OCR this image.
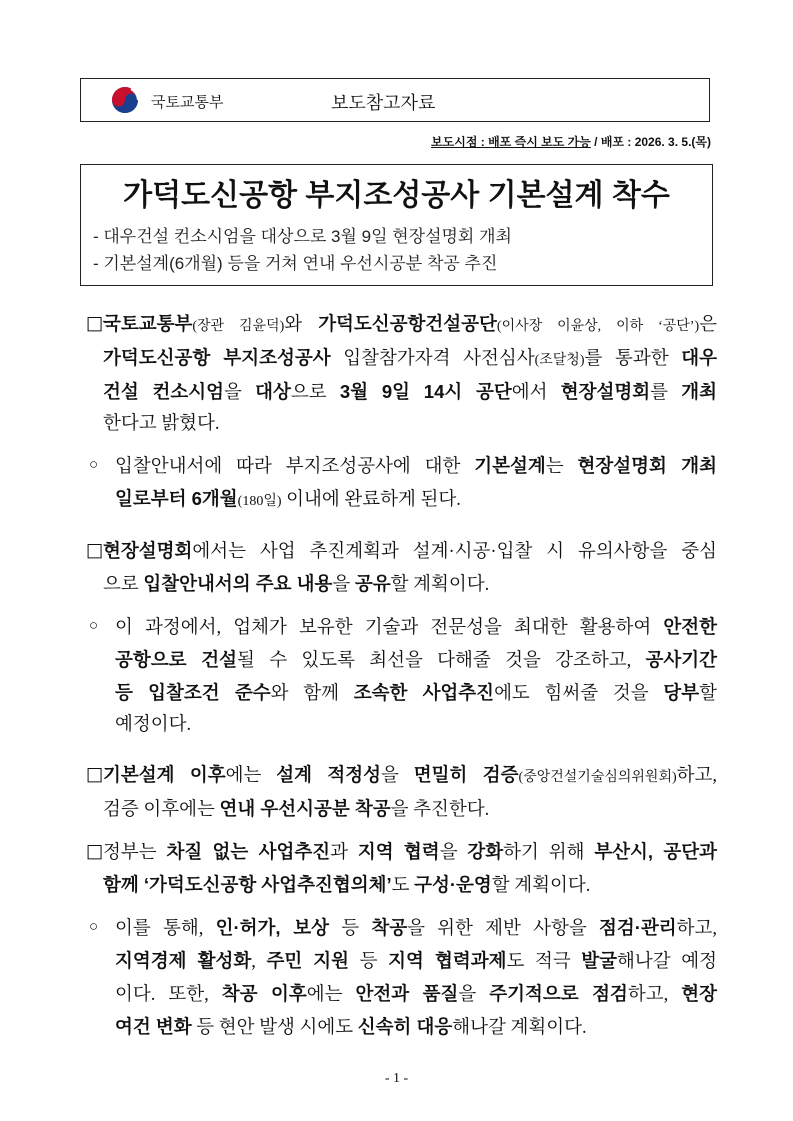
국토교통부	보도참고자료
보도시점 : 배포 즉시 보도 가능 / 배포 : 2026. 3. 5.(목)
가덕도신공항 부지조성공사 기본설계 착수
- 대우건설 컨소시엄을 대상으로 3월 9일 현장설명회 개최
- 기본설계(6개월) 등을 거쳐 연내 우선시공분 착공 추진
□ 국토교통부(장관 김윤덕)와 가덕도신공항건설공단(이사장 이윤상, 이하 ‘공단’)은
가덕도신공항 부지조성공사 입찰참가자격 사전심사(조달청)를 통과한 대우
건설 컨소시엄을 대상으로 3월 9일 14시 공단에서 현장설명회를 개최
한다고 밝혔다.
○ 입찰안내서에 따라 부지조성공사에 대한 기본설계는 현장설명회 개최
일로부터 6개월(180일) 이내에 완료하게 된다.
□ 현장설명회에서는 사업 추진계획과 설계·시공·입찰 시 유의사항을 중심
으로 입찰안내서의 주요 내용을 공유할 계획이다.
○ 이 과정에서, 업체가 보유한 기술과 전문성을 최대한 활용하여 안전한
공항으로 건설될 수 있도록 최선을 다해줄 것을 강조하고, 공사기간
등 입찰조건 준수와 함께 조속한 사업추진에도 힘써줄 것을 당부할
예정이다.
□ 기본설계 이후에는 설계 적정성을 면밀히 검증(중앙건설기술심의위원회)하고,
검증 이후에는 연내 우선시공분 착공을 추진한다.
□ 정부는 차질 없는 사업추진과 지역 협력을 강화하기 위해 부산시, 공단과
함께 ‘가덕도신공항 사업추진협의체’도 구성·운영할 계획이다.
○ 이를 통해, 인·허가, 보상 등 착공을 위한 제반 사항을 점검·관리하고,
지역경제 활성화, 주민 지원 등 지역 협력과제도 적극 발굴해나갈 예정
이다. 또한, 착공 이후에는 안전과 품질을 주기적으로 점검하고, 현장
여건 변화 등 현안 발생 시에도 신속히 대응해나갈 계획이다.
- 1 -
